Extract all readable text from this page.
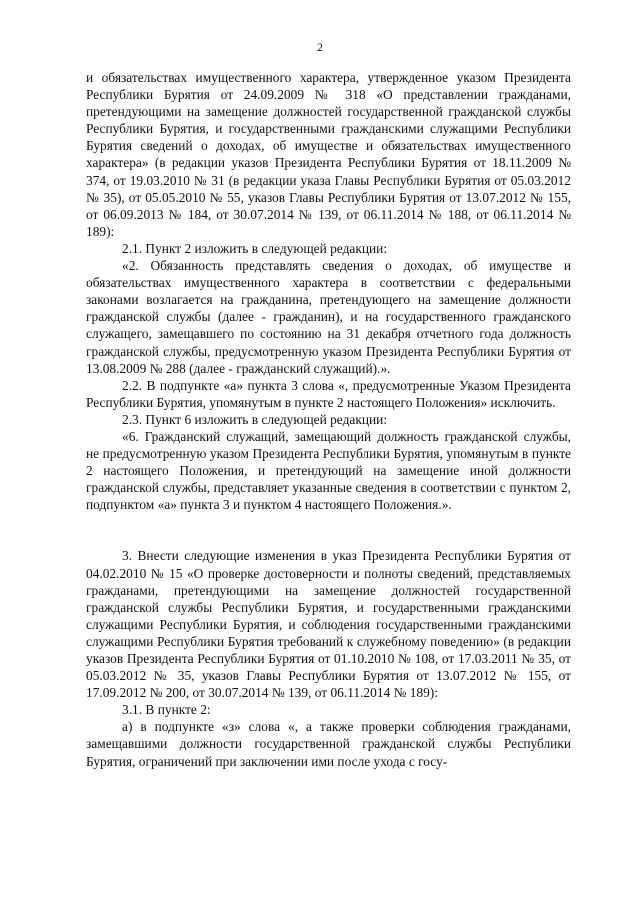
2

и обязательствах имущественного характера, утвержденное указом Президента Республики Бурятия от 24.09.2009 № 318 «О представлении гражданами, претендующими на замещение должностей государственной гражданской службы Республики Бурятия, и государственными гражданскими служащими Республики Бурятия сведений о доходах, об имуществе и обязательствах имущественного характера» (в редакции указов Президента Республики Бурятия от 18.11.2009 № 374, от 19.03.2010 № 31 (в редакции указа Главы Республики Бурятия от 05.03.2012 № 35), от 05.05.2010 № 55, указов Главы Республики Бурятия от 13.07.2012 № 155, от 06.09.2013 № 184, от 30.07.2014 № 139, от 06.11.2014 № 188, от 06.11.2014 № 189):

2.1. Пункт 2 изложить в следующей редакции:

«2. Обязанность представлять сведения о доходах, об имуществе и обязательствах имущественного характера в соответствии с федеральными законами возлагается на гражданина, претендующего на замещение должности гражданской службы (далее - гражданин), и на государственного гражданского служащего, замещавшего по состоянию на 31 декабря отчетного года должность гражданской службы, предусмотренную указом Президента Республики Бурятия от 13.08.2009 № 288 (далее - гражданский служащий).».

2.2. В подпункте «а» пункта 3 слова «, предусмотренные Указом Президента Республики Бурятия, упомянутым в пункте 2 настоящего Положения» исключить.

2.3. Пункт 6 изложить в следующей редакции:

«6. Гражданский служащий, замещающий должность гражданской службы, не предусмотренную указом Президента Республики Бурятия, упомянутым в пункте 2 настоящего Положения, и претендующий на замещение иной должности гражданской службы, представляет указанные сведения в соответствии с пунктом 2, подпунктом «а» пункта 3 и пунктом 4 настоящего Положения.».

3. Внести следующие изменения в указ Президента Республики Бурятия от 04.02.2010 № 15 «О проверке достоверности и полноты сведений, представляемых гражданами, претендующими на замещение должностей государственной гражданской службы Республики Бурятия, и государственными гражданскими служащими Республики Бурятия, и соблюдения государственными гражданскими служащими Республики Бурятия требований к служебному поведению» (в редакции указов Президента Республики Бурятия от 01.10.2010 № 108, от 17.03.2011 № 35, от 05.03.2012 № 35, указов Главы Республики Бурятия от 13.07.2012 № 155, от 17.09.2012 № 200, от 30.07.2014 № 139, от 06.11.2014 № 189):

3.1. В пункте 2:

а) в подпункте «з» слова «, а также проверки соблюдения гражданами, замещавшими должности государственной гражданской службы Республики Бурятия, ограничений при заключении ими после ухода с госу-
